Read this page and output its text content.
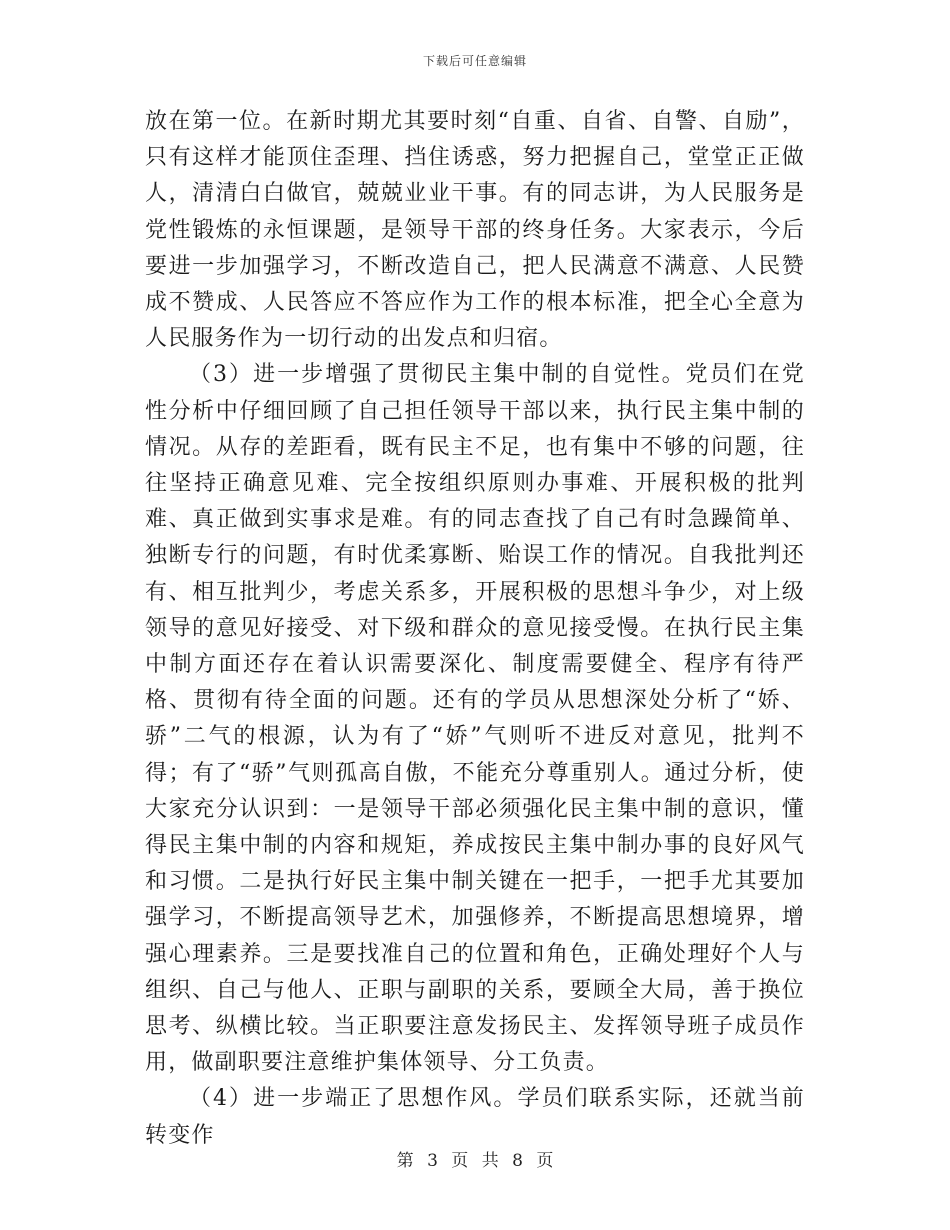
下载后可任意编辑

放在第一位。在新时期尤其要时刻“自重、自省、自警、自励”，只有这样才能顶住歪理、挡住诱惑，努力把握自己，堂堂正正做人，清清白白做官，兢兢业业干事。有的同志讲，为人民服务是党性锻炼的永恒课题，是领导干部的终身任务。大家表示，今后要进一步加强学习，不断改造自己，把人民满意不满意、人民赞成不赞成、人民答应不答应作为工作的根本标准，把全心全意为人民服务作为一切行动的出发点和归宿。

（3）进一步增强了贯彻民主集中制的自觉性。党员们在党性分析中仔细回顾了自己担任领导干部以来，执行民主集中制的情况。从存的差距看，既有民主不足，也有集中不够的问题，往往坚持正确意见难、完全按组织原则办事难、开展积极的批判难、真正做到实事求是难。有的同志查找了自己有时急躁简单、独断专行的问题，有时优柔寡断、贻误工作的情况。自我批判还有、相互批判少，考虑关系多，开展积极的思想斗争少，对上级领导的意见好接受、对下级和群众的意见接受慢。在执行民主集中制方面还存在着认识需要深化、制度需要健全、程序有待严格、贯彻有待全面的问题。还有的学员从思想深处分析了“娇、骄”二气的根源，认为有了“娇”气则听不进反对意见，批判不得；有了“骄”气则孤高自傲，不能充分尊重别人。通过分析，使大家充分认识到：一是领导干部必须强化民主集中制的意识，懂得民主集中制的内容和规矩，养成按民主集中制办事的良好风气和习惯。二是执行好民主集中制关键在一把手，一把手尤其要加强学习，不断提高领导艺术，加强修养，不断提高思想境界，增强心理素养。三是要找准自己的位置和角色，正确处理好个人与组织、自己与他人、正职与副职的关系，要顾全大局，善于换位思考、纵横比较。当正职要注意发扬民主、发挥领导班子成员作用，做副职要注意维护集体领导、分工负责。

（4）进一步端正了思想作风。学员们联系实际，还就当前转变作

第 3 页 共 8 页
